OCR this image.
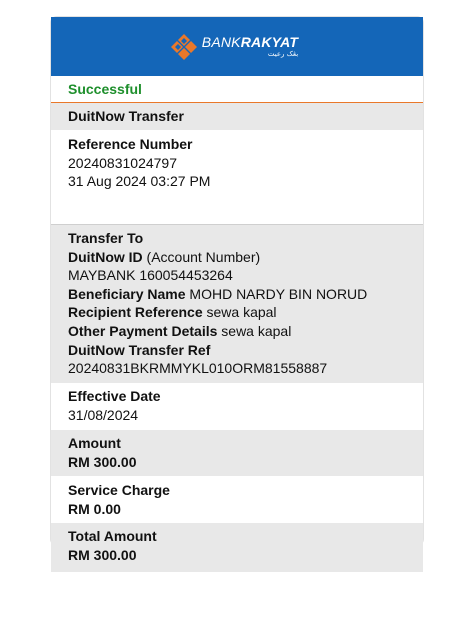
BANKRAKYAT
بڠک رعيت
Successful
DuitNow Transfer
Reference Number
20240831024797
31 Aug 2024 03:27 PM
Transfer To
DuitNow ID (Account Number)
MAYBANK 160054453264
Beneficiary Name MOHD NARDY BIN NORUD
Recipient Reference sewa kapal
Other Payment Details sewa kapal
DuitNow Transfer Ref
20240831BKRMMYKL010ORM81558887
Effective Date
31/08/2024
Amount
RM 300.00
Service Charge
RM 0.00
Total Amount
RM 300.00
